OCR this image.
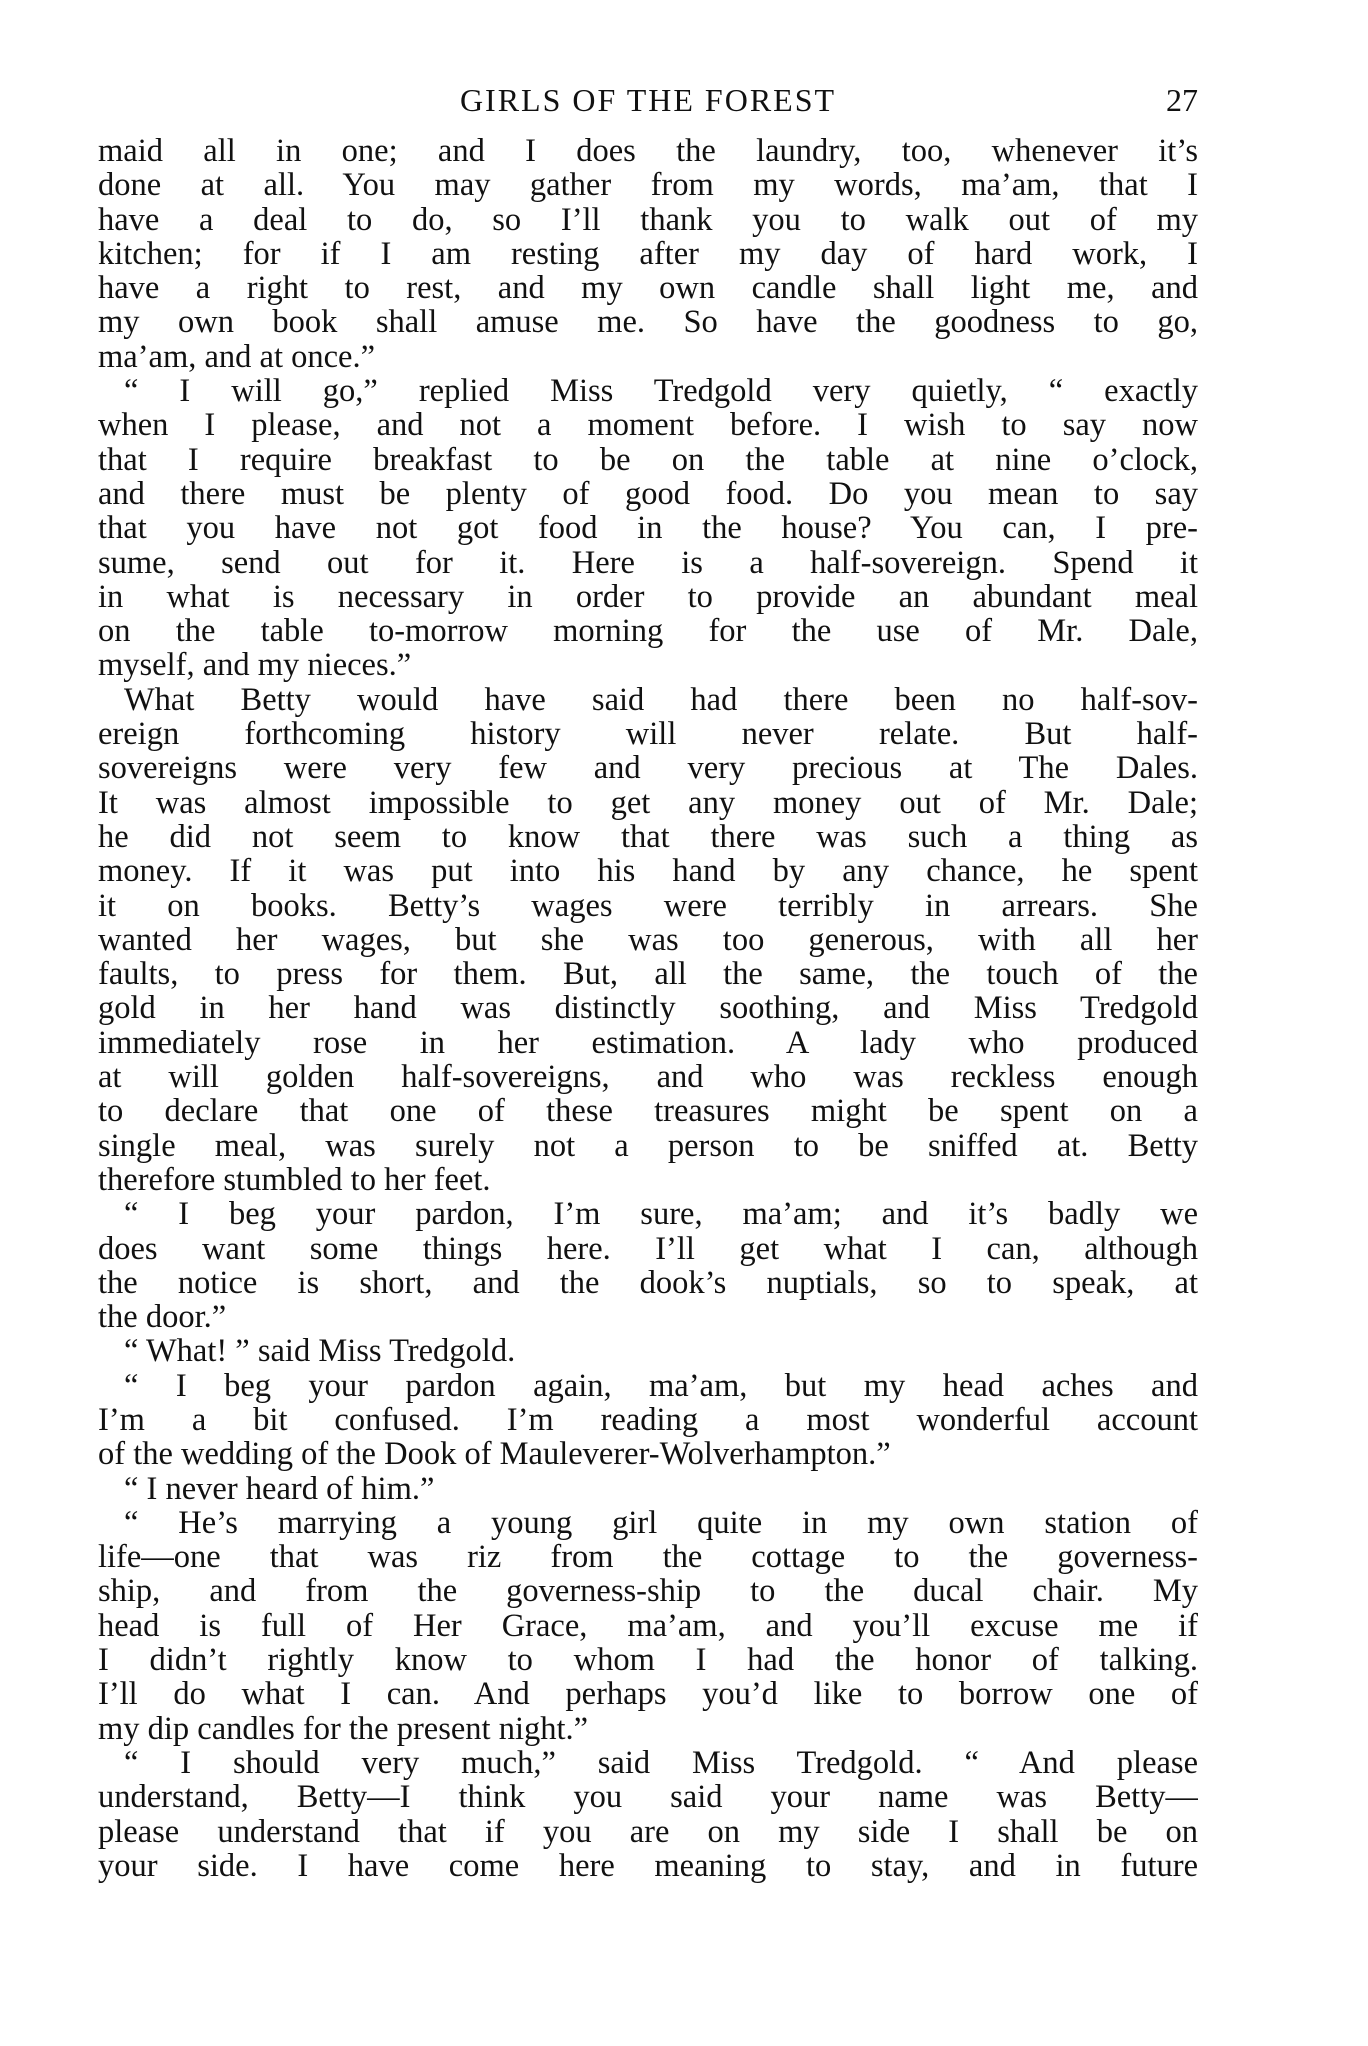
GIRLS OF THE FOREST	27
maid all in one; and I does the laundry, too, whenever it’s
done at all. You may gather from my words, ma’am, that I
have a deal to do, so I’ll thank you to walk out of my
kitchen; for if I am resting after my day of hard work, I
have a right to rest, and my own candle shall light me, and
my own book shall amuse me. So have the goodness to go,
ma’am, and at once.”
“ I will go,” replied Miss Tredgold very quietly, “ exactly
when I please, and not a moment before. I wish to say now
that I require breakfast to be on the table at nine o’clock,
and there must be plenty of good food. Do you mean to say
that you have not got food in the house? You can, I pre-
sume, send out for it. Here is a half-sovereign. Spend it
in what is necessary in order to provide an abundant meal
on the table to-morrow morning for the use of Mr. Dale,
myself, and my nieces.”
What Betty would have said had there been no half-sov-
ereign forthcoming history will never relate. But half-
sovereigns were very few and very precious at The Dales.
It was almost impossible to get any money out of Mr. Dale;
he did not seem to know that there was such a thing as
money. If it was put into his hand by any chance, he spent
it on books. Betty’s wages were terribly in arrears. She
wanted her wages, but she was too generous, with all her
faults, to press for them. But, all the same, the touch of the
gold in her hand was distinctly soothing, and Miss Tredgold
immediately rose in her estimation. A lady who produced
at will golden half-sovereigns, and who was reckless enough
to declare that one of these treasures might be spent on a
single meal, was surely not a person to be sniffed at. Betty
therefore stumbled to her feet.
“ I beg your pardon, I’m sure, ma’am; and it’s badly we
does want some things here. I’ll get what I can, although
the notice is short, and the dook’s nuptials, so to speak, at
the door.”
“ What! ” said Miss Tredgold.
“ I beg your pardon again, ma’am, but my head aches and
I’m a bit confused. I’m reading a most wonderful account
of the wedding of the Dook of Mauleverer-Wolverhampton.”
“ I never heard of him.”
“ He’s marrying a young girl quite in my own station of
life—one that was riz from the cottage to the governess-
ship, and from the governess-ship to the ducal chair. My
head is full of Her Grace, ma’am, and you’ll excuse me if
I didn’t rightly know to whom I had the honor of talking.
I’ll do what I can. And perhaps you’d like to borrow one of
my dip candles for the present night.”
“ I should very much,” said Miss Tredgold. “ And please
understand, Betty—I think you said your name was Betty—
please understand that if you are on my side I shall be on
your side. I have come here meaning to stay, and in future
